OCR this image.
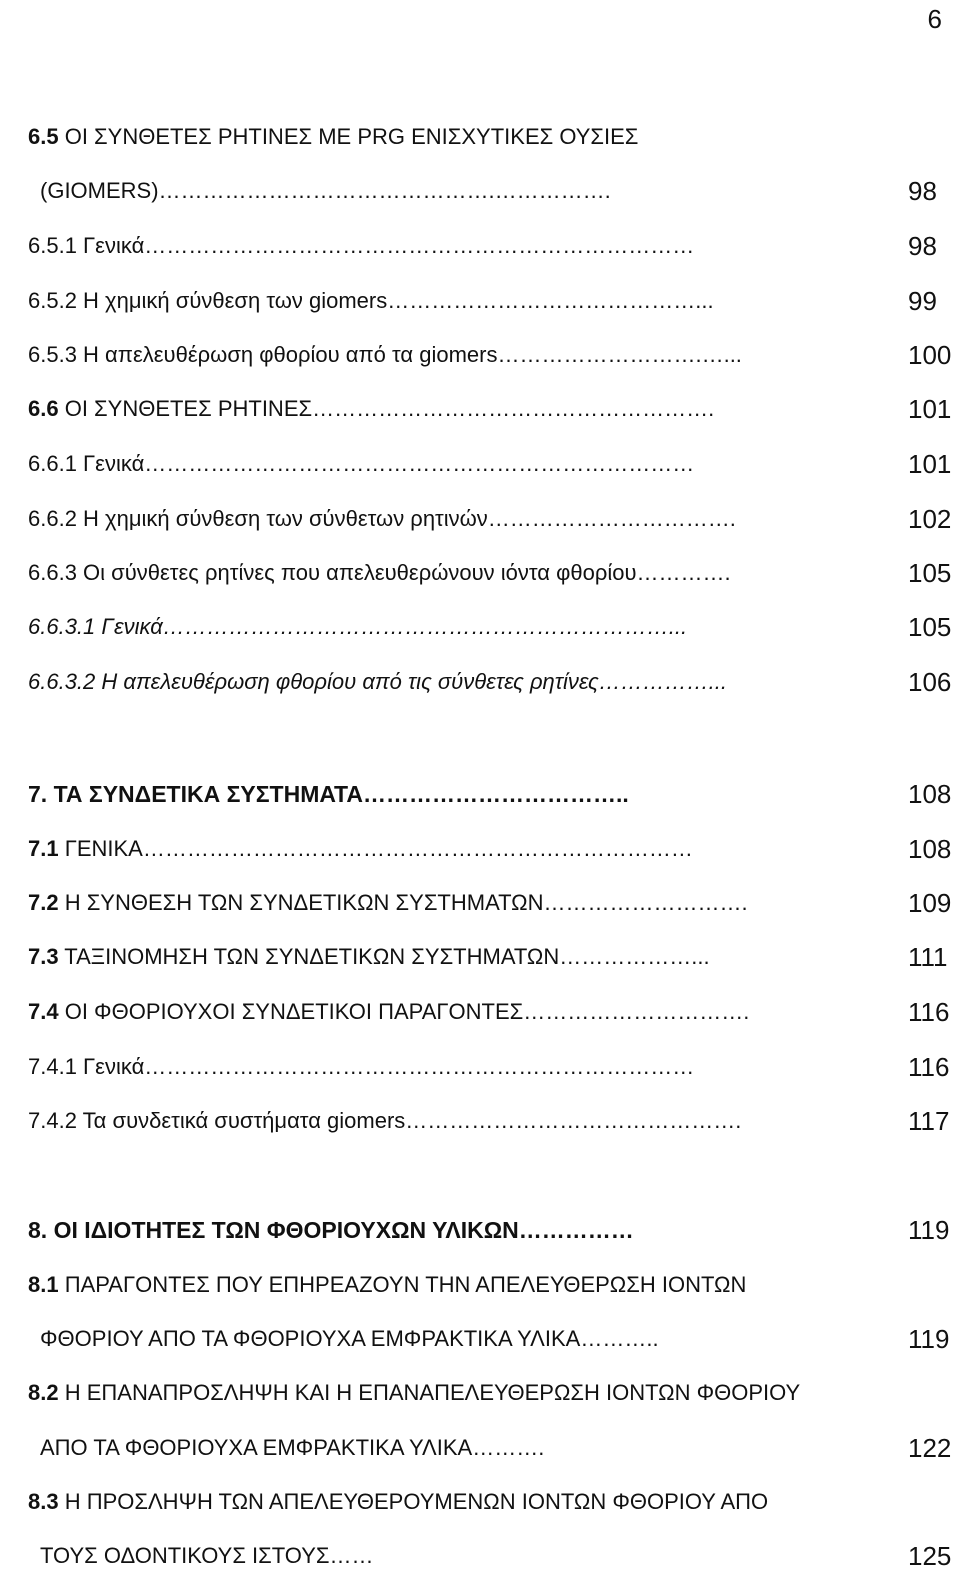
6
6.5 ΟΙ ΣΥΝΘΕΤΕΣ ΡΗΤΙΝΕΣ ΜΕ PRG ΕΝΙΣΧΥΤΙΚΕΣ ΟΥΣΙΕΣ
(GIOMERS)……………………………………….…………….	98
6.5.1 Γενικά…………………………………………………………………	98
6.5.2 Η χημική σύνθεση των giomers……………………………………...	99
6.5.3 Η απελευθέρωση φθορίου από τα giomers……………………….…...	100
6.6 ΟΙ ΣΥΝΘΕΤΕΣ ΡΗΤΙΝΕΣ……………………………………………….	101
6.6.1 Γενικά…………………………………………………………………	101
6.6.2 Η χημική σύνθεση των σύνθετων ρητινών…………………………….	102
6.6.3 Οι σύνθετες ρητίνες που απελευθερώνουν ιόντα φθορίου………….	105
6.6.3.1 Γενικά……………………………………………………………...	105
6.6.3.2 Η απελευθέρωση φθορίου από τις σύνθετες ρητίνες……………...	106
7. ΤΑ ΣΥΝΔΕΤΙΚΑ ΣΥΣΤΗΜΑΤΑ……………………………..	108
7.1 ΓΕΝΙΚΑ…………………………………………………………………	108
7.2 Η ΣΥΝΘΕΣΗ ΤΩΝ ΣΥΝΔΕΤΙΚΩΝ ΣΥΣΤΗΜΑΤΩΝ……………………….	109
7.3 ΤΑΞΙΝΟΜΗΣΗ ΤΩΝ ΣΥΝΔΕΤΙΚΩΝ ΣΥΣΤΗΜΑΤΩΝ………………...	111
7.4 ΟΙ ΦΘΟΡΙΟΥΧΟΙ ΣΥΝΔΕΤΙΚΟΙ ΠΑΡΑΓΟΝΤΕΣ………………………….	116
7.4.1 Γενικά…………………………………………………………………	116
7.4.2 Τα συνδετικά συστήματα giomers……………………………………….	117
8. ΟΙ ΙΔΙΟΤΗΤΕΣ ΤΩΝ ΦΘΟΡΙΟΥΧΩΝ ΥΛΙΚΩΝ……………	119
8.1 ΠΑΡΑΓΟΝΤΕΣ ΠΟΥ ΕΠΗΡΕΑΖΟΥΝ ΤΗΝ ΑΠΕΛΕΥΘΕΡΩΣΗ ΙΟΝΤΩΝ
ΦΘΟΡΙΟΥ ΑΠΟ ΤΑ ΦΘΟΡΙΟΥΧΑ ΕΜΦΡΑΚΤΙΚΑ ΥΛΙΚΑ………..	119
8.2 Η ΕΠΑΝΑΠΡΟΣΛΗΨΗ ΚΑΙ Η ΕΠΑΝΑΠΕΛΕΥΘΕΡΩΣΗ ΙΟΝΤΩΝ ΦΘΟΡΙΟΥ
ΑΠΟ ΤΑ ΦΘΟΡΙΟΥΧΑ ΕΜΦΡΑΚΤΙΚΑ ΥΛΙΚΑ……….	122
8.3 Η ΠΡΟΣΛΗΨΗ ΤΩΝ ΑΠΕΛΕΥΘΕΡΟΥΜΕΝΩΝ ΙΟΝΤΩΝ ΦΘΟΡΙΟΥ ΑΠΟ
ΤΟΥΣ ΟΔΟΝΤΙΚΟΥΣ ΙΣΤΟΥΣ……	125
